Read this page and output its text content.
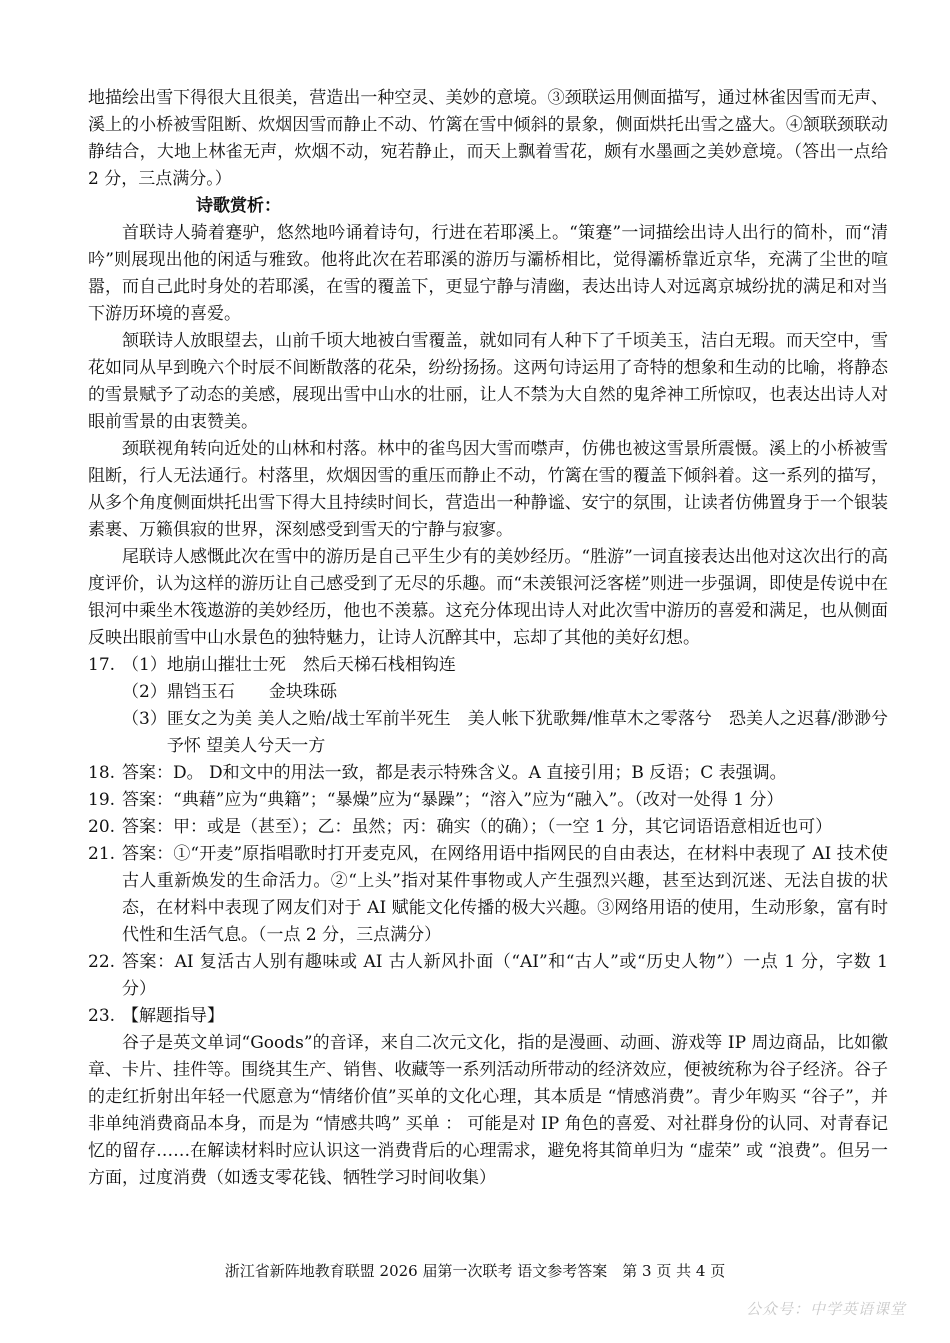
地描绘出雪下得很大且很美，营造出一种空灵、美妙的意境。③颈联运用侧面描写，通过林雀因雪而无声、溪上的小桥被雪阻断、炊烟因雪而静止不动、竹篱在雪中倾斜的景象，侧面烘托出雪之盛大。④颔联颈联动静结合，大地上林雀无声，炊烟不动，宛若静止，而天上飘着雪花，颇有水墨画之美妙意境。（答出一点给 2 分，三点满分。）

诗歌赏析：

首联诗人骑着蹇驴，悠然地吟诵着诗句，行进在若耶溪上。“策蹇”一词描绘出诗人出行的简朴，而“清吟”则展现出他的闲适与雅致。他将此次在若耶溪的游历与灞桥相比，觉得灞桥靠近京华，充满了尘世的喧嚣，而自己此时身处的若耶溪，在雪的覆盖下，更显宁静与清幽，表达出诗人对远离京城纷扰的满足和对当下游历环境的喜爱。

颔联诗人放眼望去，山前千顷大地被白雪覆盖，就如同有人种下了千顷美玉，洁白无瑕。而天空中，雪花如同从早到晚六个时辰不间断散落的花朵，纷纷扬扬。这两句诗运用了奇特的想象和生动的比喻，将静态的雪景赋予了动态的美感，展现出雪中山水的壮丽，让人不禁为大自然的鬼斧神工所惊叹，也表达出诗人对眼前雪景的由衷赞美。

颈联视角转向近处的山林和村落。林中的雀鸟因大雪而噤声，仿佛也被这雪景所震慑。溪上的小桥被雪阻断，行人无法通行。村落里，炊烟因雪的重压而静止不动，竹篱在雪的覆盖下倾斜着。这一系列的描写，从多个角度侧面烘托出雪下得大且持续时间长，营造出一种静谧、安宁的氛围，让读者仿佛置身于一个银装素裹、万籁俱寂的世界，深刻感受到雪天的宁静与寂寥。

尾联诗人感慨此次在雪中的游历是自己平生少有的美妙经历。“胜游”一词直接表达出他对这次出行的高度评价，认为这样的游历让自己感受到了无尽的乐趣。而“未羡银河泛客槎”则进一步强调，即使是传说中在银河中乘坐木筏遨游的美妙经历，他也不羡慕。这充分体现出诗人对此次雪中游历的喜爱和满足，也从侧面反映出眼前雪中山水景色的独特魅力，让诗人沉醉其中，忘却了其他的美好幻想。

17. （1） 地崩山摧壮士死　然后天梯石栈相钩连

（2） 鼎铛玉石　　金块珠砾

（3） 匪女之为美 美人之贻/战士军前半死生　美人帐下犹歌舞/惟草木之零落兮　恐美人之迟暮/渺渺兮予怀 望美人兮天一方

18. 答案：D。 D和文中的用法一致，都是表示特殊含义。A 直接引用；B 反语；C 表强调。

19. 答案：“典藉”应为“典籍”；“暴燥”应为“暴躁”；“溶入”应为“融入”。（改对一处得 1 分）

20. 答案：甲：或是（甚至）；乙：虽然；丙：确实（的确）；（一空 1 分，其它词语语意相近也可）

21. 答案：①“开麦”原指唱歌时打开麦克风，在网络用语中指网民的自由表达，在材料中表现了 AI 技术使古人重新焕发的生命活力。②“上头”指对某件事物或人产生强烈兴趣，甚至达到沉迷、无法自拔的状态，在材料中表现了网友们对于 AI 赋能文化传播的极大兴趣。③网络用语的使用，生动形象，富有时代性和生活气息。（一点 2 分，三点满分）

22. 答案：AI 复活古人别有趣味或 AI 古人新风扑面（“AI”和“古人”或“历史人物”）一点 1 分，字数 1 分）

23. 【解题指导】

谷子是英文单词“Goods”的音译，来自二次元文化，指的是漫画、动画、游戏等 IP 周边商品，比如徽章、卡片、挂件等。围绕其生产、销售、收藏等一系列活动所带动的经济效应，便被统称为谷子经济。谷子的走红折射出年轻一代愿意为“情绪价值”买单的文化心理，其本质是 “情感消费”。青少年购买 “谷子”，并非单纯消费商品本身，而是为 “情感共鸣” 买单 ： 可能是对 IP 角色的喜爱、对社群身份的认同、对青春记忆的留存……在解读材料时应认识这一消费背后的心理需求，避免将其简单归为 “虚荣” 或 “浪费”。但另一方面，过度消费（如透支零花钱、牺牲学习时间收集）

浙江省新阵地教育联盟 2026 届第一次联考 语文参考答案　第 3 页 共 4 页
公众号：中学英语课堂
